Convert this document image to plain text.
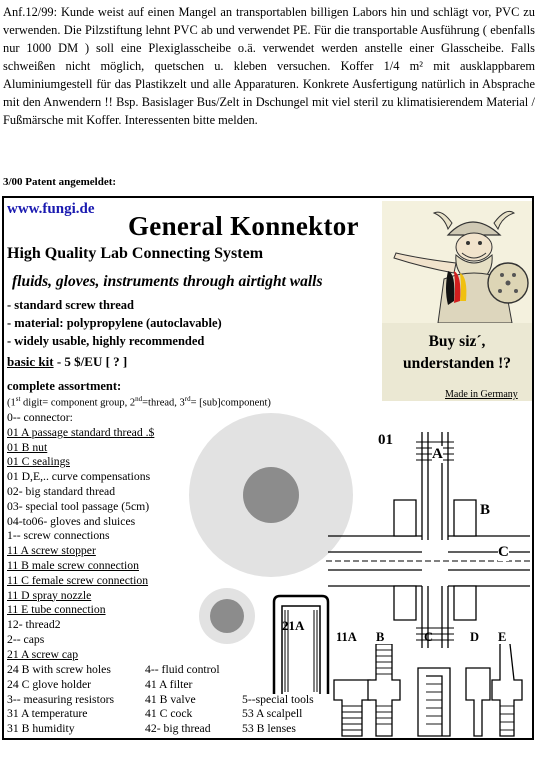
Anf.12/99: Kunde weist auf einen Mangel an transportablen billigen Labors hin und schlägt vor, PVC zu verwenden. Die Pilzstiftung lehnt PVC ab und verwendet PE. Für die transportable Ausführung ( ebenfalls nur 1000 DM ) soll eine Plexiglasscheibe o.ä. verwendet werden anstelle einer Glasscheibe. Falls schweißen nicht möglich, quetschen u. kleben versuchen. Koffer 1/4 m² mit ausklappbarem Aluminiumgestell für das Plastikzelt und alle Apparaturen. Konkrete Ausfertigung natürlich in Absprache mit den Anwendern !! Bsp. Basislager Bus/Zelt in Dschungel mit viel steril zu klimatisierendem Material / Fußmärsche mit Koffer. Interessenten bitte melden.

3/00 Patent angemeldet:
www.fungi.de
General Konnektor
High Quality Lab Connecting System
fluids, gloves, instruments through airtight walls
- standard screw thread
- material: polypropylene (autoclavable)
- widely usable, highly recommended
basic kit - 5 $/EU [ ? ]
complete assortment:
(1st digit= component group, 2nd=thread, 3rd= [sub]component)
0-- connector:
01 A passage standard thread .$
01 B nut
01 C sealings
01 D,E,.. curve compensations
02- big standard thread
03- special tool passage (5cm)
04-to06- gloves and sluices
1-- screw connections
11 A screw stopper
11 B male screw connection
11 C female screw connection
11 D spray nozzle
11 E tube connection
12- thread2
2-- caps
21 A screw cap
24 B with screw holes
24 C glove holder
3-- measuring resistors
31 A temperature
31 B humidity
4-- fluid control
41 A filter
41 B valve
41 C cock
42- big thread
5--special tools
53 A scalpell
53 B lenses
Buy siz´,
understanden !?
Made in Germany
21A
01
A
B
C
11A B	C	D E
